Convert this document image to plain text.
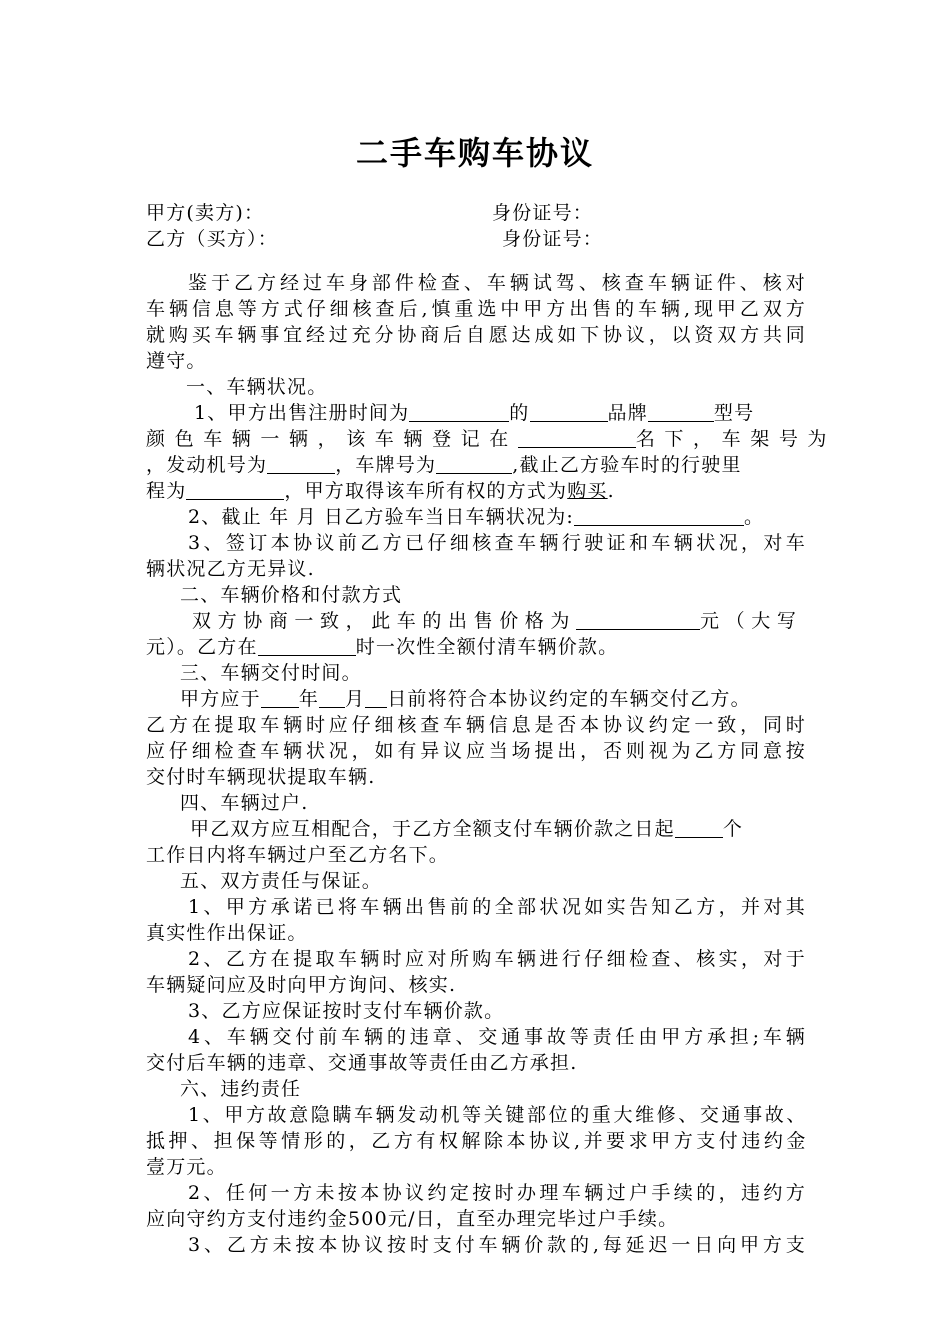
二手车购车协议
甲方(卖方)：	身份证号：
乙方（买方）：	身份证号：
鉴于乙方经过车身部件检查、车辆试驾、核查车辆证件、核对
车辆信息等方式仔细核查后,慎重选中甲方出售的车辆,现甲乙双方
就购买车辆事宜经过充分协商后自愿达成如下协议，以资双方共同
遵守。
一、车辆状况。
1、甲方出售注册时间为	的	品牌	型号
颜色车辆一辆，该车辆登记在	名下，车架号为
，发动机号为	，车牌号为	,截止乙方验车时的行驶里
程为	，甲方取得该车所有权的方式为购买.
2、截止 年 月 日乙方验车当日车辆状况为:	。
3、签订本协议前乙方已仔细核查车辆行驶证和车辆状况，对车
辆状况乙方无异议.
二、车辆价格和付款方式
双方协商一致，此车的出售价格为	元（大写
元）。乙方在	时一次性全额付清车辆价款。
三、车辆交付时间。
甲方应于 年 月 日前将符合本协议约定的车辆交付乙方。
乙方在提取车辆时应仔细核查车辆信息是否本协议约定一致，同时
应仔细检查车辆状况，如有异议应当场提出，否则视为乙方同意按
交付时车辆现状提取车辆.
四、车辆过户.
甲乙双方应互相配合，于乙方全额支付车辆价款之日起	个
工作日内将车辆过户至乙方名下。
五、双方责任与保证。
1、甲方承诺已将车辆出售前的全部状况如实告知乙方，并对其
真实性作出保证。
2、乙方在提取车辆时应对所购车辆进行仔细检查、核实，对于
车辆疑问应及时向甲方询问、核实.
3、乙方应保证按时支付车辆价款。
4、车辆交付前车辆的违章、交通事故等责任由甲方承担;车辆
交付后车辆的违章、交通事故等责任由乙方承担.
六、违约责任
1、甲方故意隐瞒车辆发动机等关键部位的重大维修、交通事故、
抵押、担保等情形的，乙方有权解除本协议,并要求甲方支付违约金
壹万元。
2、任何一方未按本协议约定按时办理车辆过户手续的，违约方
应向守约方支付违约金500元/日，直至办理完毕过户手续。
3、乙方未按本协议按时支付车辆价款的,每延迟一日向甲方支
